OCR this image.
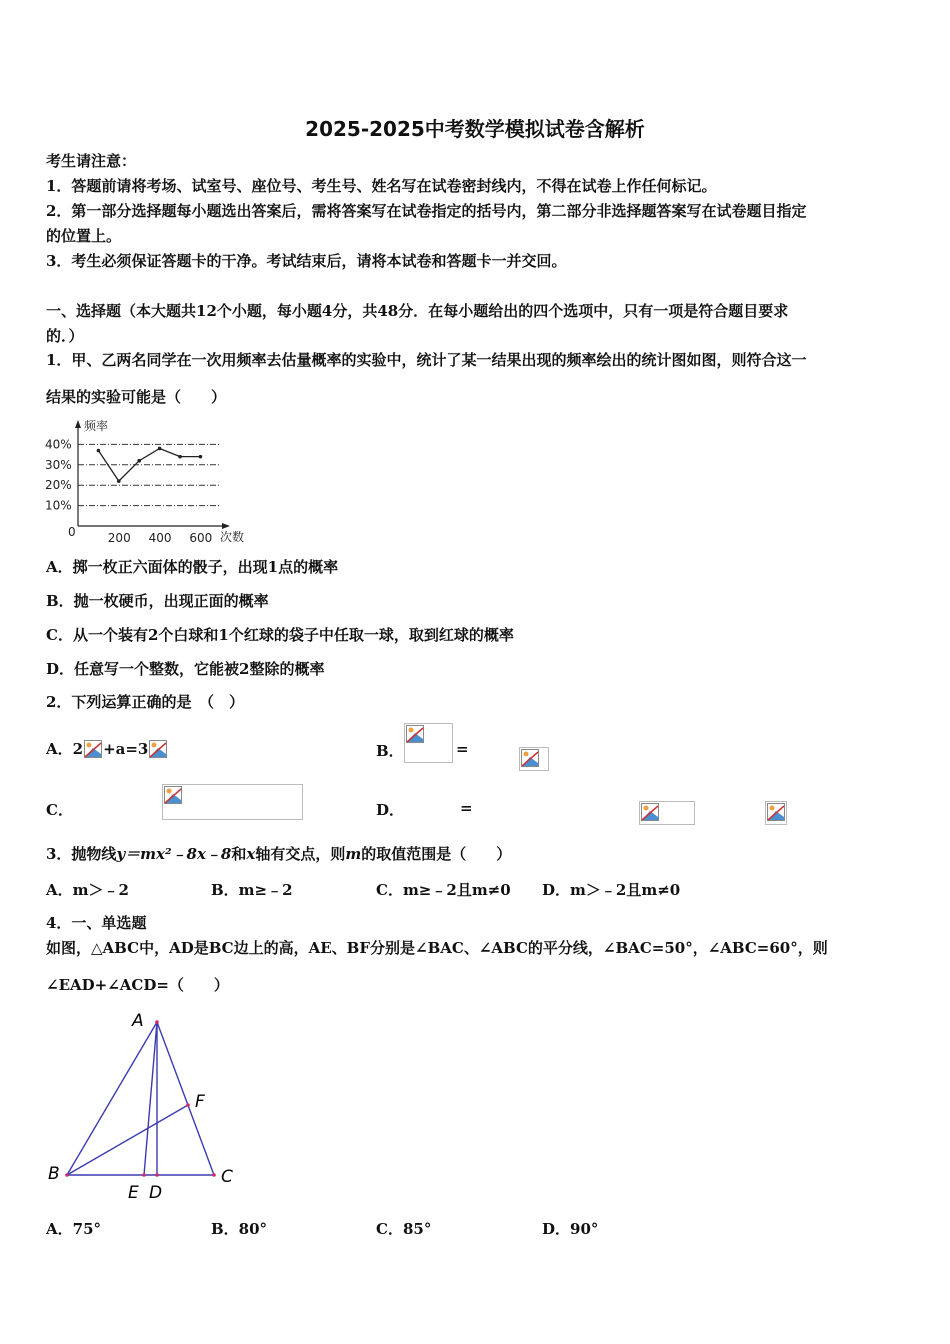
2025-2025中考数学模拟试卷含解析
考生请注意：
1．答题前请将考场、试室号、座位号、考生号、姓名写在试卷密封线内，不得在试卷上作任何标记。
2．第一部分选择题每小题选出答案后，需将答案写在试卷指定的括号内，第二部分非选择题答案写在试卷题目指定
的位置上。
3．考生必须保证答题卡的干净。考试结束后，请将本试卷和答题卡一并交回。
一、选择题（本大题共12个小题，每小题4分，共48分．在每小题给出的四个选项中，只有一项是符合题目要求
的．）
1．甲、乙两名同学在一次用频率去估量概率的实验中，统计了某一结果出现的频率绘出的统计图如图，则符合这一
结果的实验可能是（　　）
10%
20%
30%
40%
200 400 600
0
频率
次数
A．掷一枚正六面体的骰子，出现1点的概率
B．抛一枚硬币，出现正面的概率
C．从一个装有2个白球和1个红球的袋子中任取一球，取到红球的概率
D．任意写一个整数，它能被2整除的概率
2．下列运算正确的是　（　）
A．2 +a=3	B．
	=

C．
	D．
	=
3．抛物线y＝mx²﹣8x﹣8和x轴有交点，则m的取值范围是（　　）
A．m＞﹣2	B．m≥﹣2	C．m≥﹣2且m≠0 D．m＞﹣2且m≠0
4．一、单选题
如图，△ABC中，AD是BC边上的高，AE、BF分别是∠BAC、∠ABC的平分线，∠BAC=50°，∠ABC=60°，则
∠EAD+∠ACD=（　　）
A
B	C
E D
F
A．75°	B．80°	C．85°	D．90°
